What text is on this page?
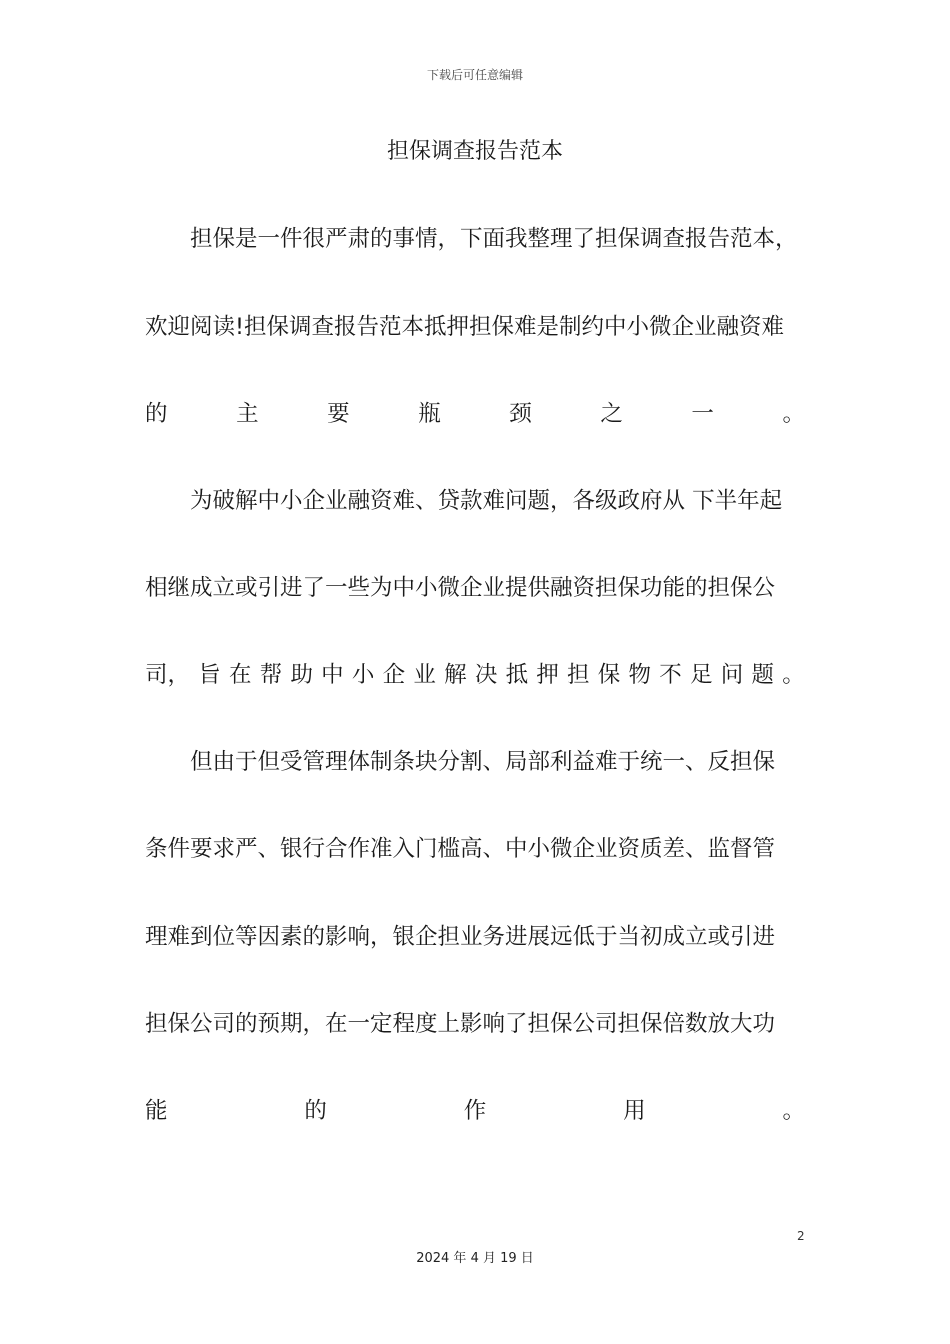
下载后可任意编辑
担保调查报告范本
担保是一件很严肃的事情，下面我整理了担保调查报告范本，
欢迎阅读!担保调查报告范本抵押担保难是制约中小微企业融资难
的	主	要	瓶	颈	之	一	。
为破解中小企业融资难、贷款难问题，各级政府从 下半年起
相继成立或引进了一些为中小微企业提供融资担保功能的担保公
司， 旨 在 帮 助 中 小 企 业 解 决 抵 押 担 保 物 不 足 问 题 。
但由于但受管理体制条块分割、局部利益难于统一、反担保
条件要求严、银行合作准入门槛高、中小微企业资质差、监督管
理难到位等因素的影响，银企担业务进展远低于当初成立或引进
担保公司的预期，在一定程度上影响了担保公司担保倍数放大功
能	的	作	用	。
2
2024 年 4 月 19 日
